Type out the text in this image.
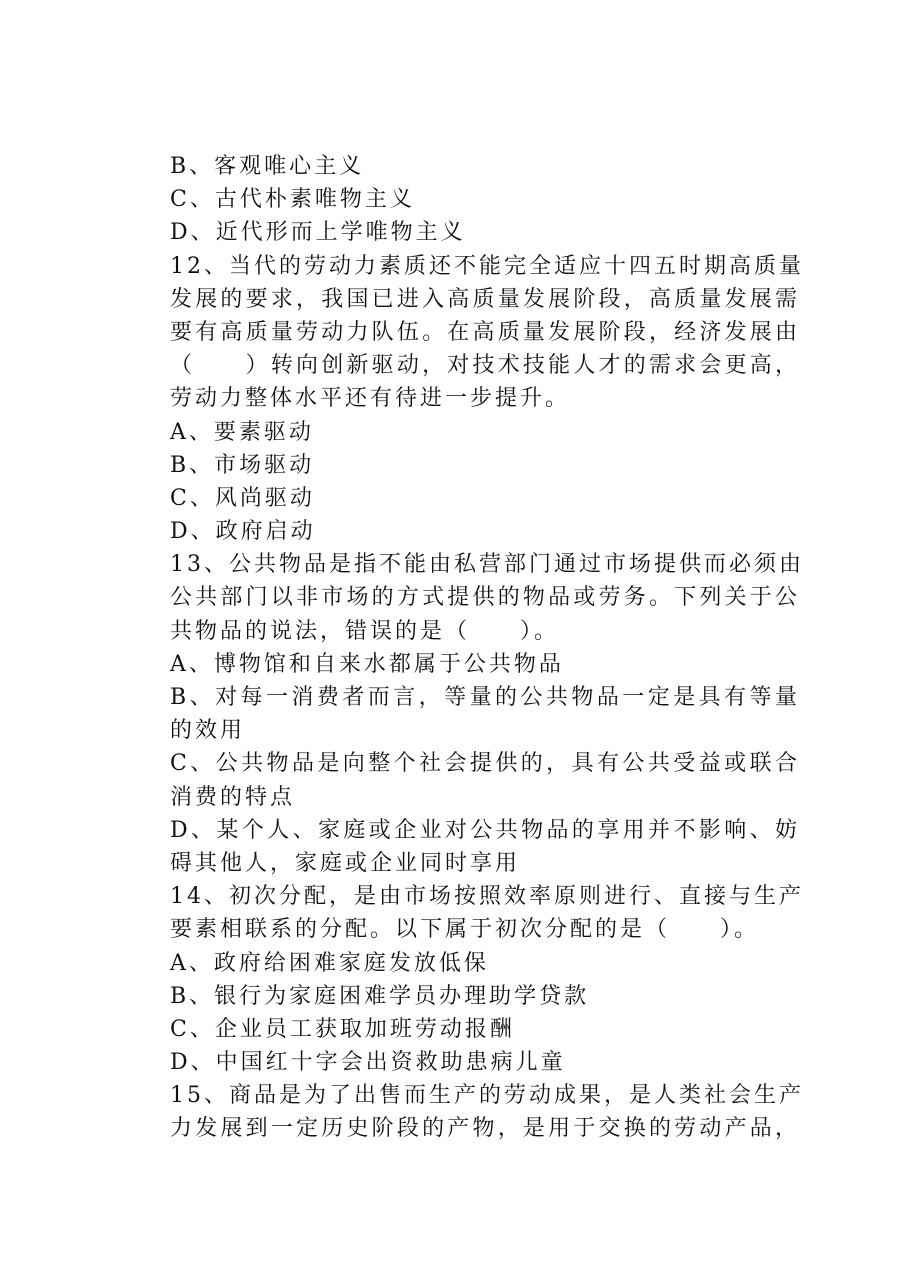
B、客观唯心主义
C、古代朴素唯物主义
D、近代形而上学唯物主义
12、当代的劳动力素质还不能完全适应十四五时期高质量
发展的要求，我国已进入高质量发展阶段，高质量发展需
要有高质量劳动力队伍。在高质量发展阶段，经济发展由
（　　）转向创新驱动，对技术技能人才的需求会更高，
劳动力整体水平还有待进一步提升。
A、要素驱动
B、市场驱动
C、风尚驱动
D、政府启动
13、公共物品是指不能由私营部门通过市场提供而必须由
公共部门以非市场的方式提供的物品或劳务。下列关于公
共物品的说法，错误的是（　　）。
A、博物馆和自来水都属于公共物品
B、对每一消费者而言，等量的公共物品一定是具有等量
的效用
C、公共物品是向整个社会提供的，具有公共受益或联合
消费的特点
D、某个人、家庭或企业对公共物品的享用并不影响、妨
碍其他人，家庭或企业同时享用
14、初次分配，是由市场按照效率原则进行、直接与生产
要素相联系的分配。以下属于初次分配的是（　　）。
A、政府给困难家庭发放低保
B、银行为家庭困难学员办理助学贷款
C、企业员工获取加班劳动报酬
D、中国红十字会出资救助患病儿童
15、商品是为了出售而生产的劳动成果，是人类社会生产
力发展到一定历史阶段的产物，是用于交换的劳动产品，
